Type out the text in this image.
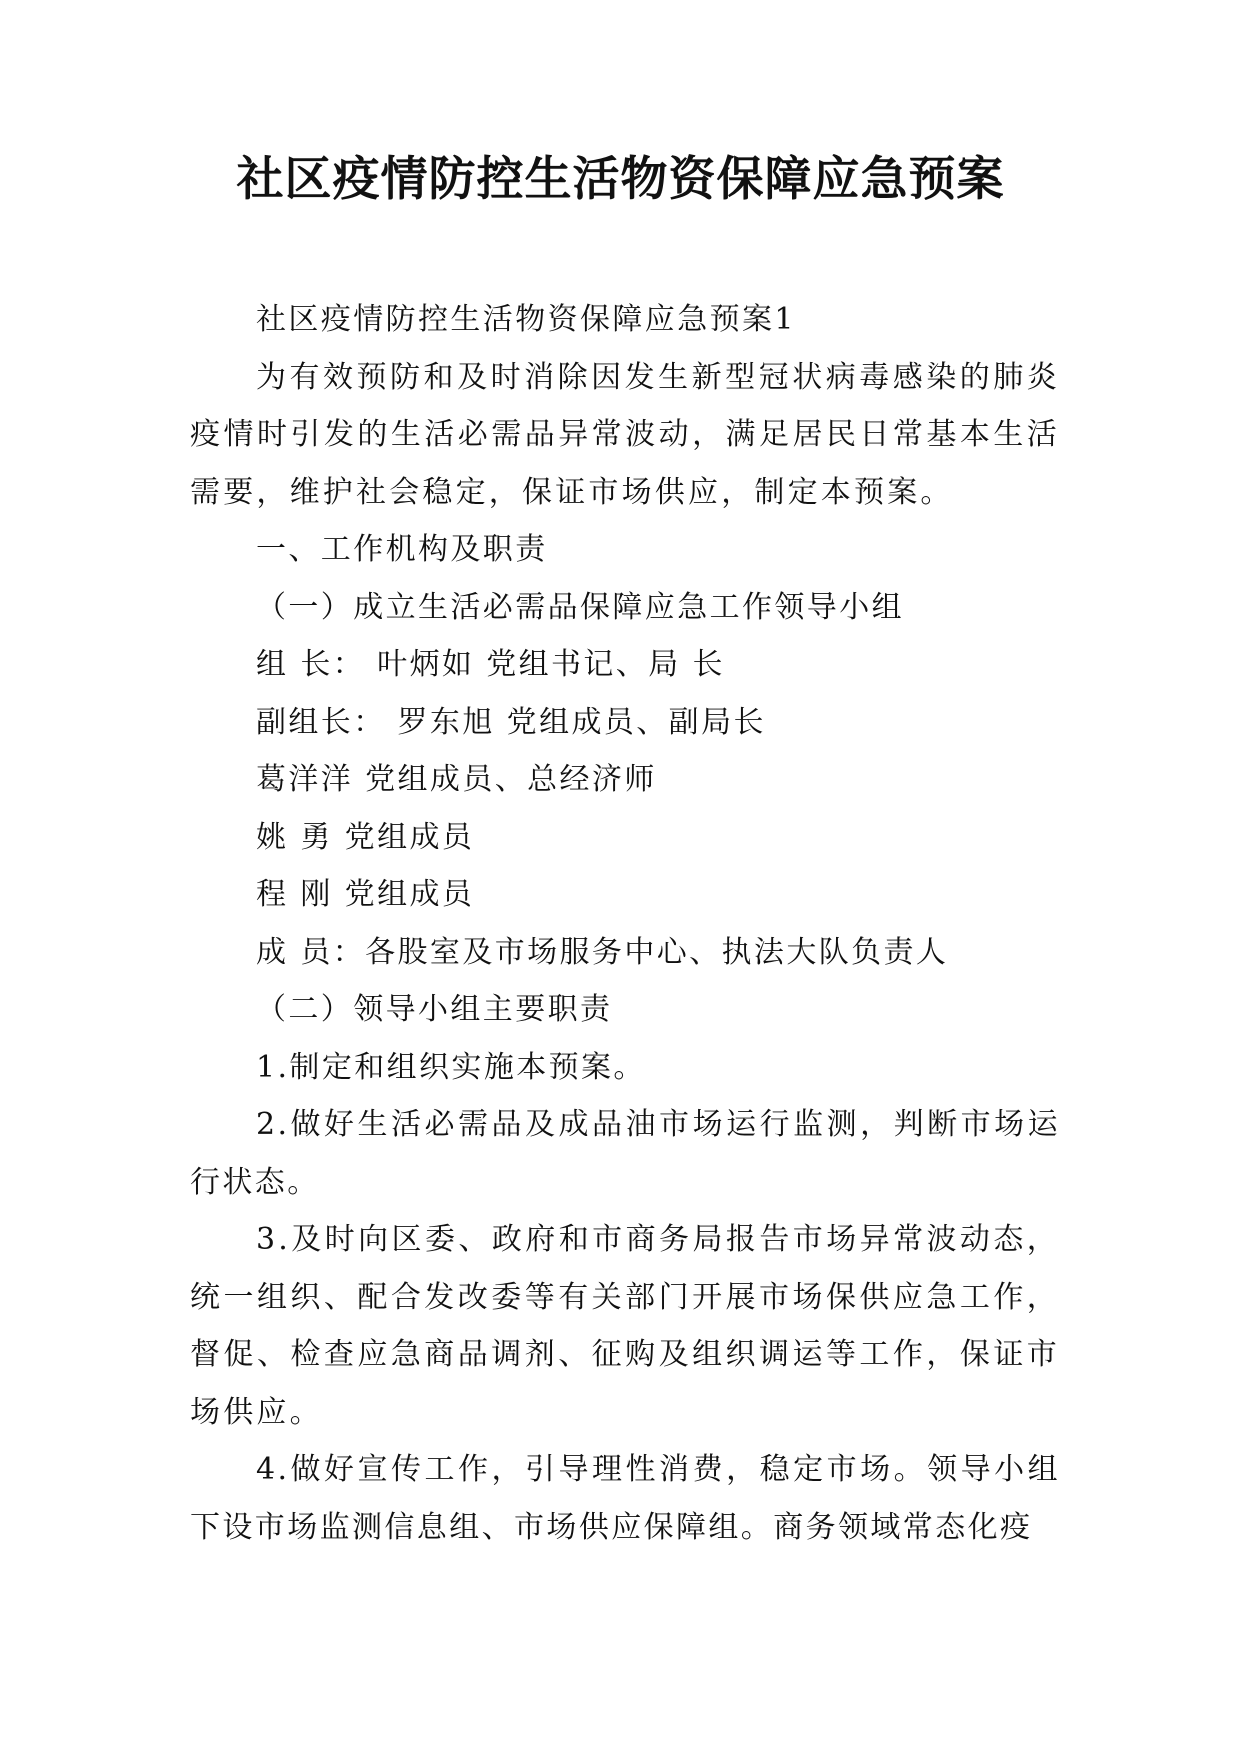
社区疫情防控生活物资保障应急预案

社区疫情防控生活物资保障应急预案1

为有效预防和及时消除因发生新型冠状病毒感染的肺炎疫情时引发的生活必需品异常波动，满足居民日常基本生活需要，维护社会稳定，保证市场供应，制定本预案。

一、工作机构及职责

（一）成立生活必需品保障应急工作领导小组

组 长： 叶炳如 党组书记、局 长

副组长： 罗东旭 党组成员、副局长

葛洋洋 党组成员、总经济师

姚 勇 党组成员

程 刚 党组成员

成 员：各股室及市场服务中心、执法大队负责人

（二）领导小组主要职责

1.制定和组织实施本预案。

2.做好生活必需品及成品油市场运行监测，判断市场运行状态。

3.及时向区委、政府和市商务局报告市场异常波动态，统一组织、配合发改委等有关部门开展市场保供应急工作，督促、检查应急商品调剂、征购及组织调运等工作，保证市场供应。

4.做好宣传工作，引导理性消费，稳定市场。领导小组下设市场监测信息组、市场供应保障组。商务领域常态化疫
